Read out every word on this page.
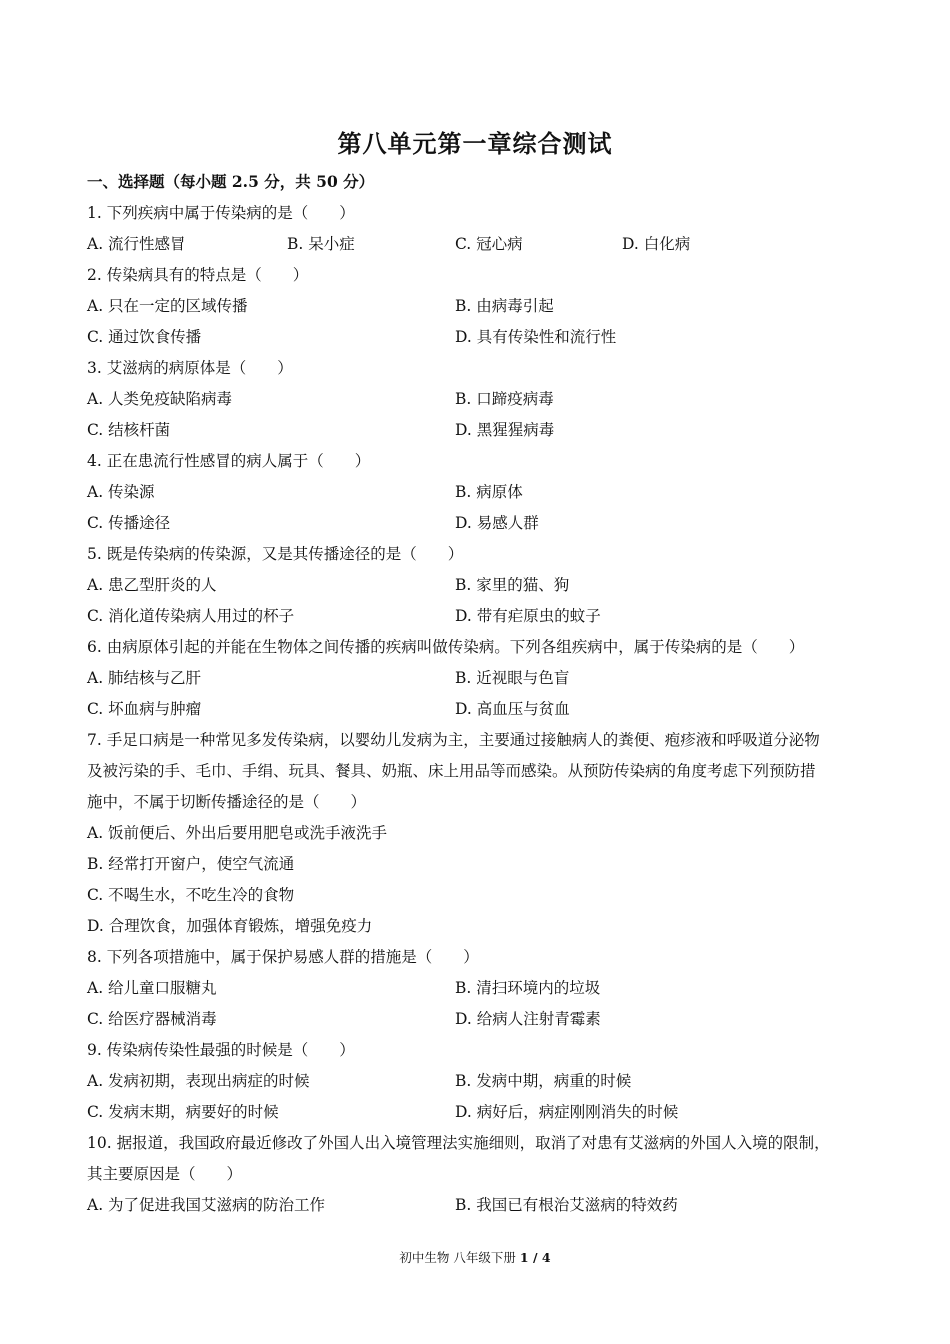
第八单元第一章综合测试
一、选择题（每小题 2.5 分，共 50 分）
1. 下列疾病中属于传染病的是（　　）
A. 流行性感冒	B. 呆小症	C. 冠心病	D. 白化病
2. 传染病具有的特点是（　　）
A. 只在一定的区域传播	B. 由病毒引起
C. 通过饮食传播	D. 具有传染性和流行性
3. 艾滋病的病原体是（　　）
A. 人类免疫缺陷病毒	B. 口蹄疫病毒
C. 结核杆菌	D. 黑猩猩病毒
4. 正在患流行性感冒的病人属于（　　）
A. 传染源	B. 病原体
C. 传播途径	D. 易感人群
5. 既是传染病的传染源，又是其传播途径的是（　　）
A. 患乙型肝炎的人	B. 家里的猫、狗
C. 消化道传染病人用过的杯子	D. 带有疟原虫的蚊子
6. 由病原体引起的并能在生物体之间传播的疾病叫做传染病。下列各组疾病中，属于传染病的是（　　）
A. 肺结核与乙肝	B. 近视眼与色盲
C. 坏血病与肿瘤	D. 高血压与贫血
7. 手足口病是一种常见多发传染病，以婴幼儿发病为主，主要通过接触病人的粪便、疱疹液和呼吸道分泌物
及被污染的手、毛巾、手绢、玩具、餐具、奶瓶、床上用品等而感染。从预防传染病的角度考虑下列预防措
施中，不属于切断传播途径的是（　　）
A. 饭前便后、外出后要用肥皂或洗手液洗手
B. 经常打开窗户，使空气流通
C. 不喝生水，不吃生冷的食物
D. 合理饮食，加强体育锻炼，增强免疫力
8. 下列各项措施中，属于保护易感人群的措施是（　　）
A. 给儿童口服糖丸	B. 清扫环境内的垃圾
C. 给医疗器械消毒	D. 给病人注射青霉素
9. 传染病传染性最强的时候是（　　）
A. 发病初期，表现出病症的时候	B. 发病中期，病重的时候
C. 发病末期，病要好的时候	D. 病好后，病症刚刚消失的时候
10. 据报道，我国政府最近修改了外国人出入境管理法实施细则，取消了对患有艾滋病的外国人入境的限制，
其主要原因是（　　）
A. 为了促进我国艾滋病的防治工作	B. 我国已有根治艾滋病的特效药
初中生物 八年级下册 1 / 4
